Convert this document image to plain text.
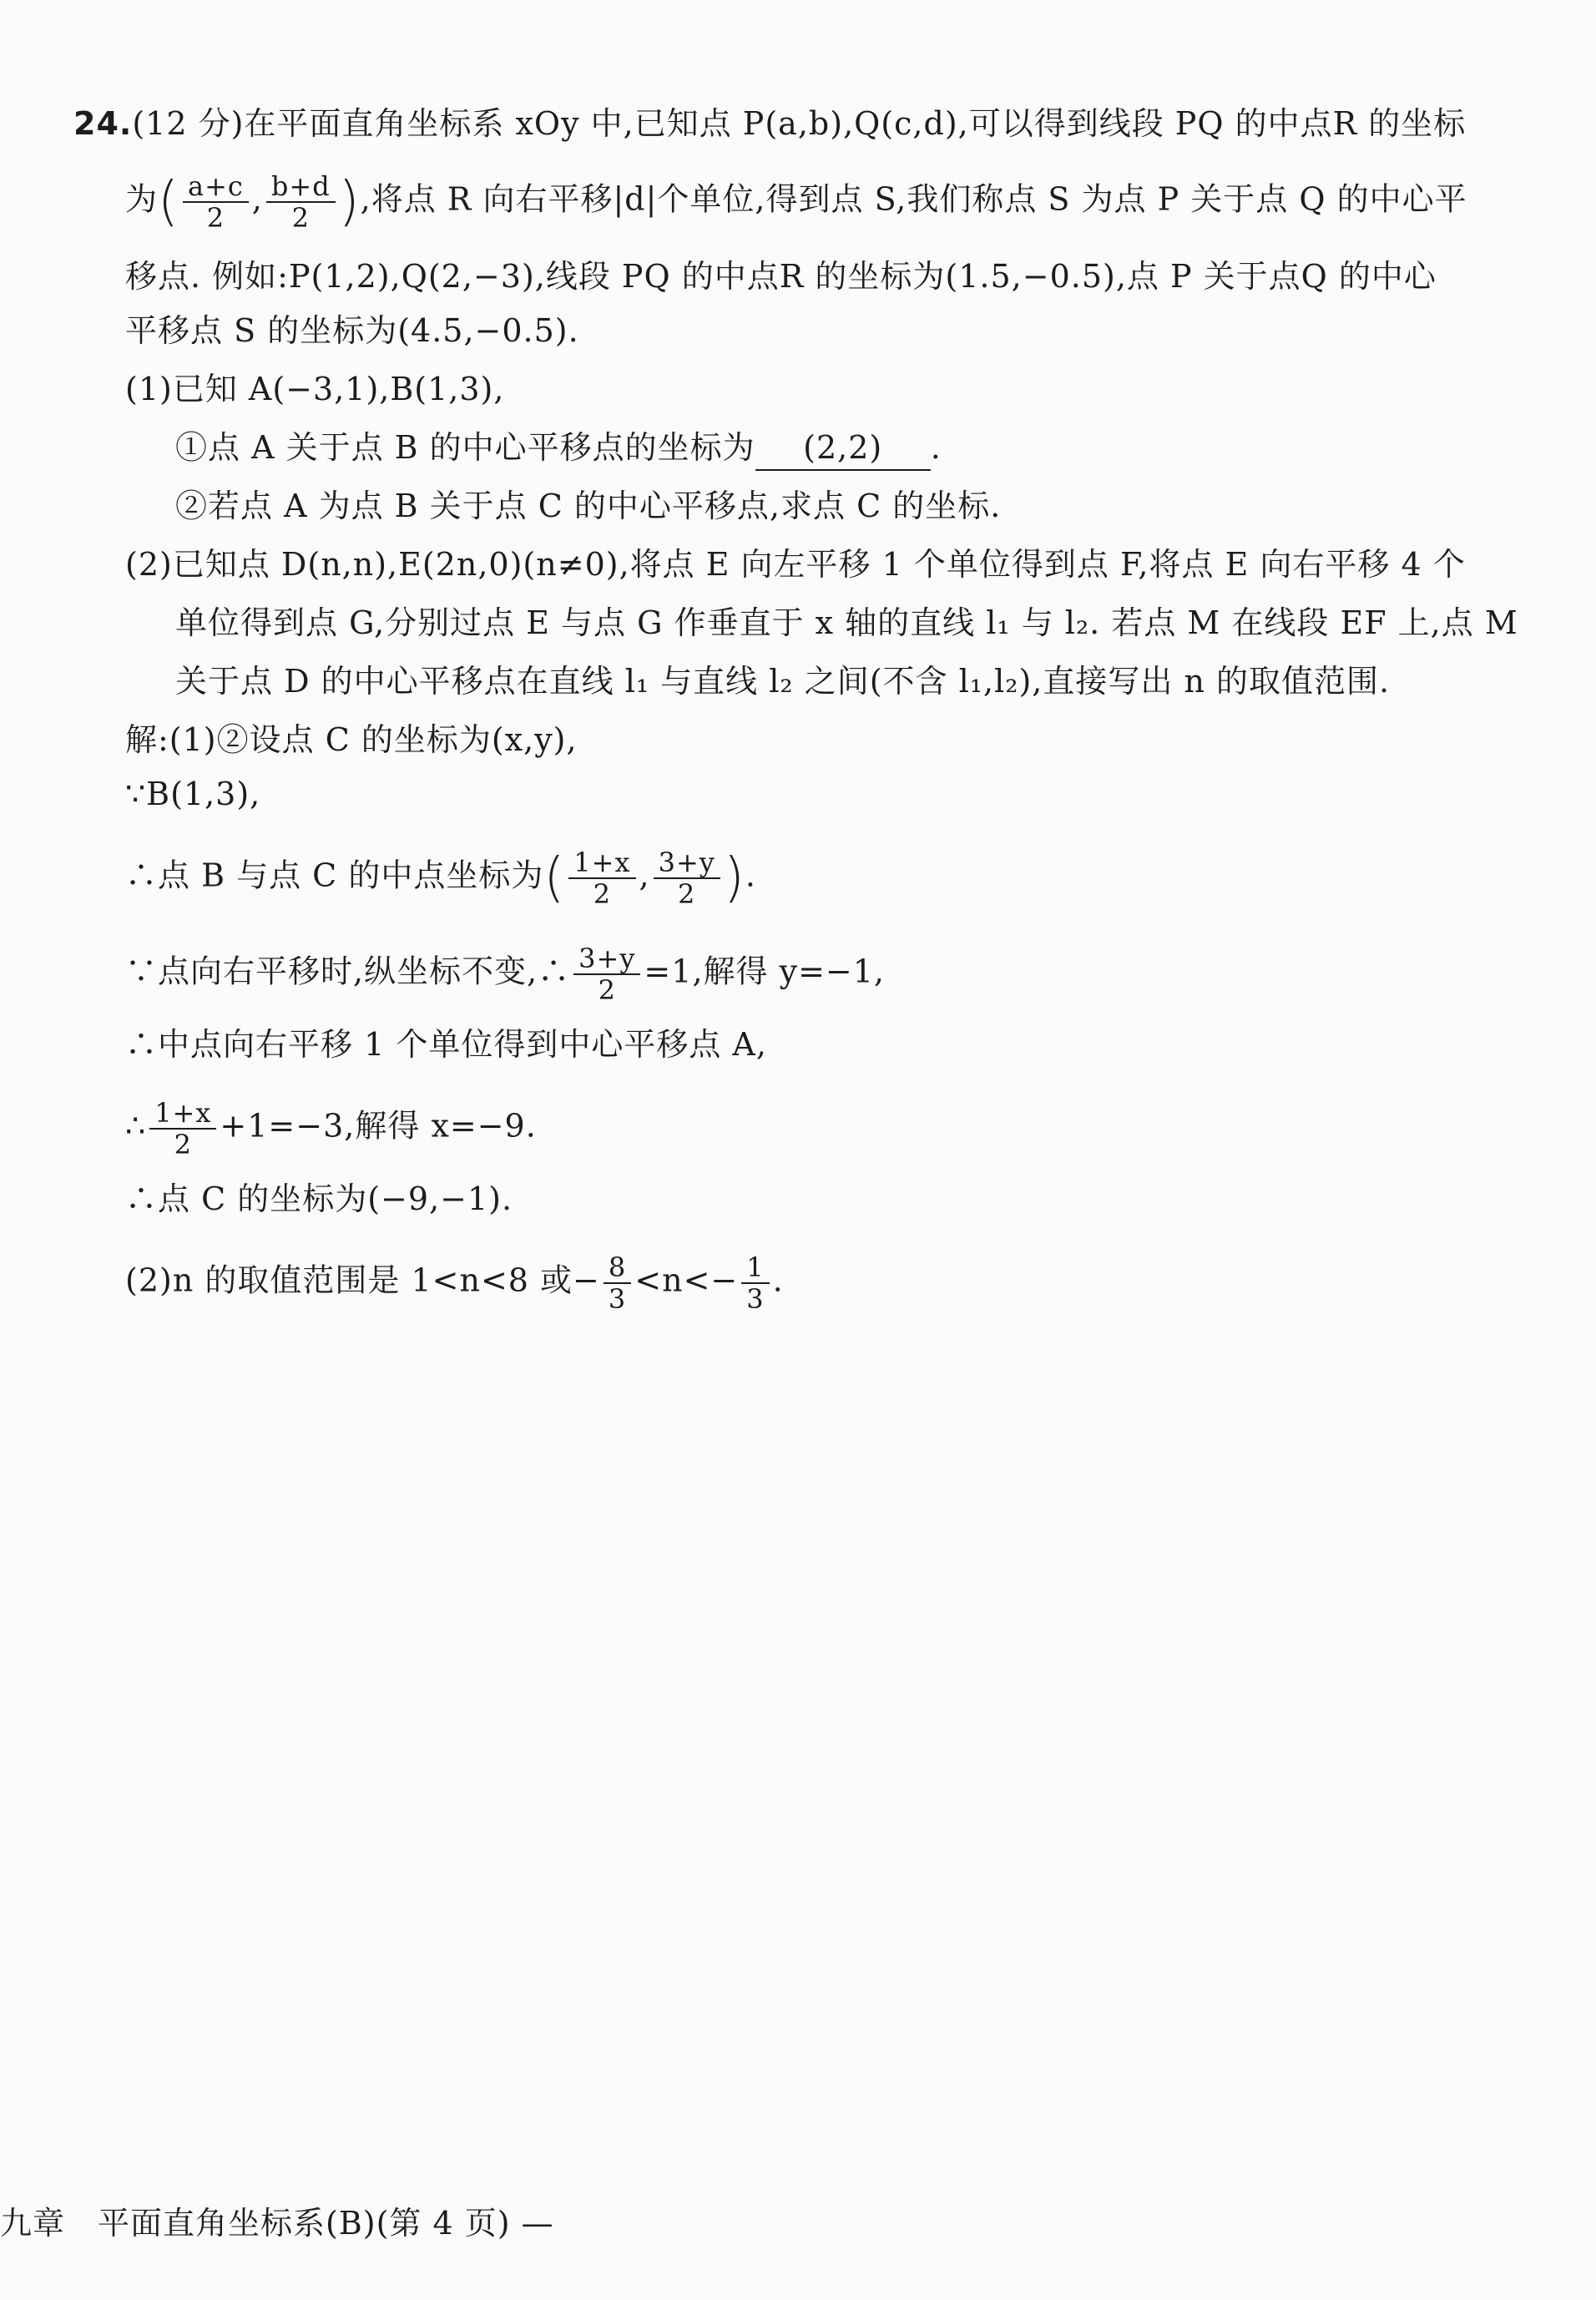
24.(12 分)在平面直角坐标系 xOy 中,已知点 P(a,b),Q(c,d),可以得到线段 PQ 的中点R 的坐标
为( $\frac{a+c}{2}$ , $\frac{b+d}{2}$ ),将点 R 向右平移|d|个单位,得到点 S,我们称点 S 为点 P 关于点 Q 的中心平
移点. 例如:P(1,2),Q(2,−3),线段 PQ 的中点R 的坐标为(1.5,−0.5),点 P 关于点Q 的中心
平移点 S 的坐标为(4.5,−0.5).
(1)已知 A(−3,1),B(1,3),
①点 A 关于点 B 的中心平移点的坐标为 (2,2) .
②若点 A 为点 B 关于点 C 的中心平移点,求点 C 的坐标.
(2)已知点 D(n,n),E(2n,0)(n≠0),将点 E 向左平移 1 个单位得到点 F,将点 E 向右平移 4 个
单位得到点 G,分别过点 E 与点 G 作垂直于 x 轴的直线 l₁ 与 l₂. 若点 M 在线段 EF 上,点 M
关于点 D 的中心平移点在直线 l₁ 与直线 l₂ 之间(不含 l₁,l₂),直接写出 n 的取值范围.
解:(1)②设点 C 的坐标为(x,y),
∵B(1,3),
∴点 B 与点 C 的中点坐标为( $\frac{1+x}{2}$ , $\frac{3+y}{2}$ ).
∵点向右平移时,纵坐标不变,∴ $\frac{3+y}{2} =1$,解得 y=−1,
∴中点向右平移 1 个单位得到中心平移点 A,
∴ $\frac{1+x}{2} +1=-3$,解得 x=−9.
∴点 C 的坐标为(−9,−1).
(2)n 的取值范围是 1<n<8 或− $\frac{8}{3} <n<- \frac{1}{3}$ .
九章　平面直角坐标系(B)(第 4 页) —
